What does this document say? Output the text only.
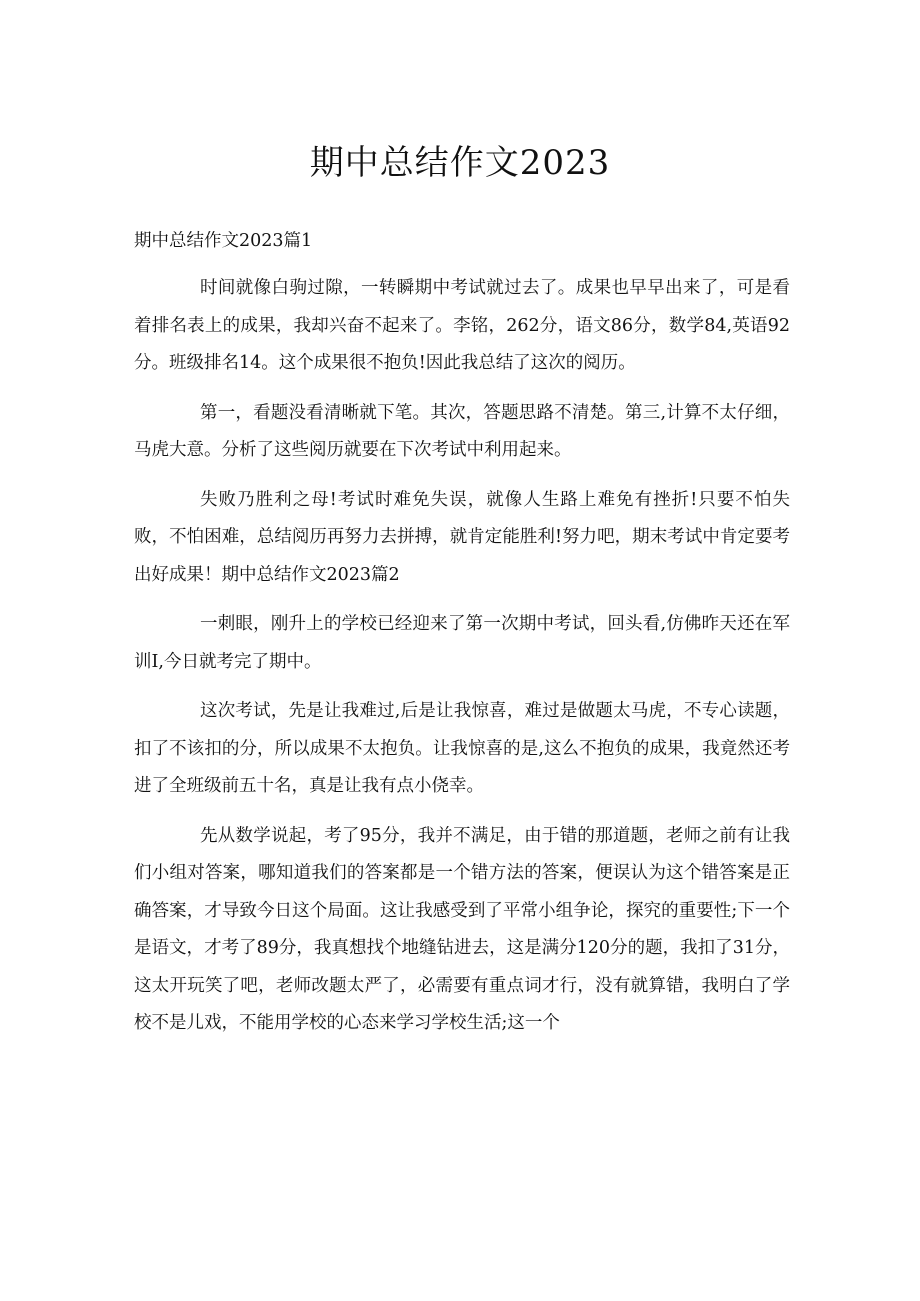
期中总结作文2023

期中总结作文2023篇1

时间就像白驹过隙，一转瞬期中考试就过去了。成果也早早出来了，可是看着排名表上的成果，我却兴奋不起来了。李铭，262分，语文86分，数学84,英语92分。班级排名14。这个成果很不抱负!因此我总结了这次的阅历。

第一，看题没看清晰就下笔。其次，答题思路不清楚。第三,计算不太仔细，马虎大意。分析了这些阅历就要在下次考试中利用起来。

失败乃胜利之母!考试时难免失误，就像人生路上难免有挫折!只要不怕失败，不怕困难，总结阅历再努力去拼搏，就肯定能胜利!努力吧，期末考试中肯定要考出好成果！期中总结作文2023篇2

一刺眼，刚升上的学校已经迎来了第一次期中考试，回头看,仿佛昨天还在军训I,今日就考完了期中。

这次考试，先是让我难过,后是让我惊喜，难过是做题太马虎，不专心读题，扣了不该扣的分，所以成果不太抱负。让我惊喜的是,这么不抱负的成果，我竟然还考进了全班级前五十名，真是让我有点小侥幸。

先从数学说起，考了95分，我并不满足，由于错的那道题，老师之前有让我们小组对答案，哪知道我们的答案都是一个错方法的答案，便误认为这个错答案是正确答案，才导致今日这个局面。这让我感受到了平常小组争论，探究的重要性;下一个是语文，才考了89分，我真想找个地缝钻进去，这是满分120分的题，我扣了31分，这太开玩笑了吧，老师改题太严了，必需要有重点词才行，没有就算错，我明白了学校不是儿戏，不能用学校的心态来学习学校生活;这一个
